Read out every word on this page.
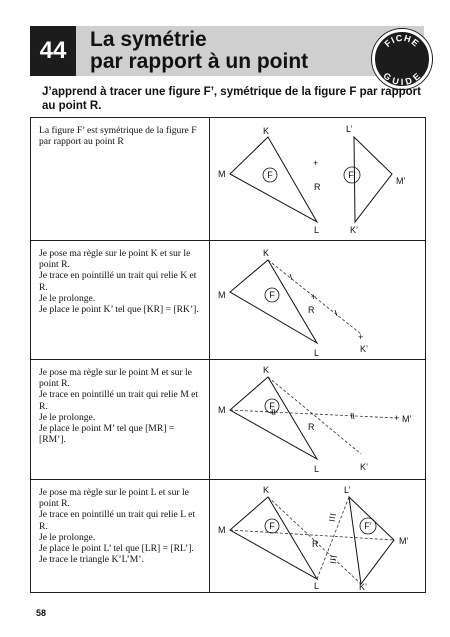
44	La symétrie
par rapport à un point
FICHE
GUIDE
J’apprend à tracer une figure F’, symétrique de la figure F par rapport au point R.
La figure F’ est symétrique de la figure F
par rapport au point R
K
M
L
L’
M’
K’
+
R
F	F’
Je pose ma règle sur le point K et sur le
point R.
Je trace en pointillé un trait qui relie K et
R.
Je le prolonge.
Je place le point K’ tel que [KR] = [RK’].
K
M
L
+
R
+
K’
F
Je pose ma règle sur le point M et sur le
point R.
Je trace en pointillé un trait qui relie M et
R.
Je le prolonge.
Je place le point M’ tel que [MR] = [RM’].
K
M
L
R
+ M’
K’
F
Je pose ma règle sur le point L et sur le
point R.
Je trace en pointillé un trait qui relie L et R.
Je le prolonge.
Je place le point L’ tel que [LR] = [RL’].
Je trace le triangle K’L’M’.
K
M
L
R
L’
M’
K’
F	F’
58
